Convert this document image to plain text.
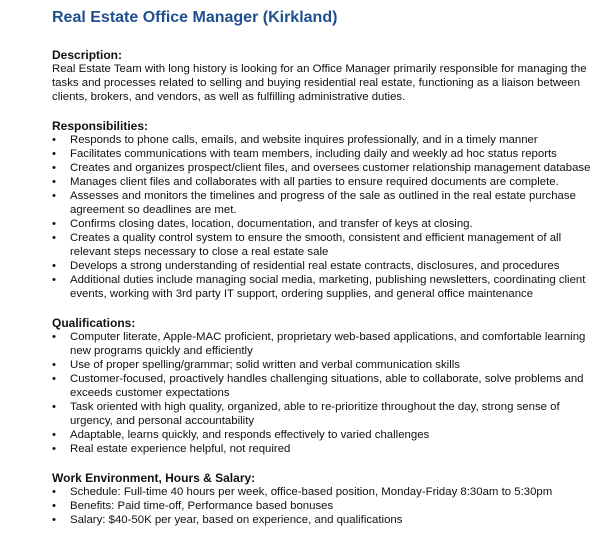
Real Estate Office Manager (Kirkland)
Description:
Real Estate Team with long history is looking for an Office Manager primarily responsible for managing the tasks and processes related to selling and buying residential real estate, functioning as a liaison between clients, brokers, and vendors, as well as fulfilling administrative duties.
Responsibilities:
• Responds to phone calls, emails, and website inquires professionally, and in a timely manner
• Facilitates communications with team members, including daily and weekly ad hoc status reports
• Creates and organizes prospect/client files, and oversees customer relationship management database
• Manages client files and collaborates with all parties to ensure required documents are complete.
• Assesses and monitors the timelines and progress of the sale as outlined in the real estate purchase agreement so deadlines are met.
• Confirms closing dates, location, documentation, and transfer of keys at closing.
• Creates a quality control system to ensure the smooth, consistent and efficient management of all relevant steps necessary to close a real estate sale
• Develops a strong understanding of residential real estate contracts, disclosures, and procedures
• Additional duties include managing social media, marketing, publishing newsletters, coordinating client events, working with 3rd party IT support, ordering supplies, and general office maintenance
Qualifications:
• Computer literate, Apple-MAC proficient, proprietary web-based applications, and comfortable learning new programs quickly and efficiently
• Use of proper spelling/grammar; solid written and verbal communication skills
• Customer-focused, proactively handles challenging situations, able to collaborate, solve problems and exceeds customer expectations
• Task oriented with high quality, organized, able to re-prioritize throughout the day, strong sense of urgency, and personal accountability
• Adaptable, learns quickly, and responds effectively to varied challenges
• Real estate experience helpful, not required
Work Environment, Hours & Salary:
• Schedule: Full-time 40 hours per week, office-based position, Monday-Friday 8:30am to 5:30pm
• Benefits: Paid time-off, Performance based bonuses
• Salary: $40-50K per year, based on experience, and qualifications
